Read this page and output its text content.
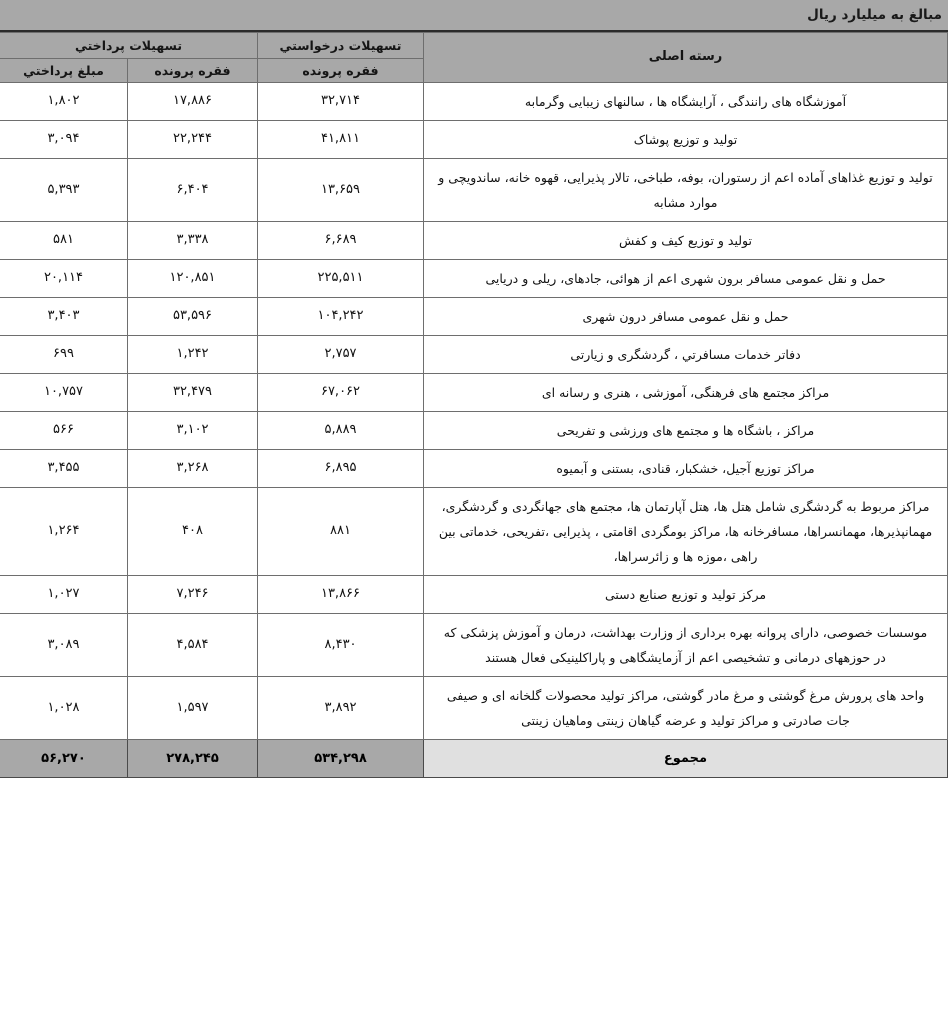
مبالغ به میلیارد ریال
رسته اصلی	تسهیلات درخواستي	تسهیلات پرداختي	
	فقره پرونده	فقره پرونده	مبلغ پرداختي
آموزشگاه های رانندگی ، آرایشگاه ها ، سالنهای زیبایی وگرمابه	۳۲,۷۱۴	۱۷,۸۸۶	۱,۸۰۲
تولید و توزیع پوشاک	۴۱,۸۱۱	۲۲,۲۴۴	۳,۰۹۴
تولید و توزیع غذاهای آماده اعم از رستوران، بوفه، طباخی، تالار پذیرایی، قهوه خانه، ساندویچی و موارد مشابه	۱۳,۶۵۹	۶,۴۰۴	۵,۳۹۳
تولید و توزیع کیف و کفش	۶,۶۸۹	۳,۳۳۸	۵۸۱
حمل و نقل عمومی مسافر برون شهری اعم از هوائی، جادهای، ریلی و دریایی	۲۲۵,۵۱۱	۱۲۰,۸۵۱	۲۰,۱۱۴
حمل و نقل عمومی مسافر درون شهری	۱۰۴,۲۴۲	۵۳,۵۹۶	۳,۴۰۳
دفاتر خدمات مسافرتي ، گردشگری و زیارتی	۲,۷۵۷	۱,۲۴۲	۶۹۹
مراکز مجتمع های فرهنگی، آموزشی ، هنری و رسانه ای	۶۷,۰۶۲	۳۲,۴۷۹	۱۰,۷۵۷
مراکز ، باشگاه ها و مجتمع های ورزشی و تفریحی	۵,۸۸۹	۳,۱۰۲	۵۶۶
مراکز توزیع آجیل، خشکبار، قنادی، بستنی و آبمیوه	۶,۸۹۵	۳,۲۶۸	۳,۴۵۵
مراکز مربوط به گردشگری شامل هتل ها، هتل آپارتمان ها، مجتمع های جهانگردی و گردشگری، مهمانپذیرها، مهمانسراها، مسافرخانه ها، مراکز بومگردی اقامتی ، پذیرایی ،تفریحی، خدماتی بین راهی ،موزه ها و زائرسراها،	۸۸۱	۴۰۸	۱,۲۶۴
مرکز تولید و توزیع صنایع دستی	۱۳,۸۶۶	۷,۲۴۶	۱,۰۲۷
موسسات خصوصی، دارای پروانه بهره برداری از وزارت بهداشت، درمان و آموزش پزشکی که در حوزههای درمانی و تشخیصی اعم از آزمایشگاهی و پاراکلینیکی فعال هستند	۸,۴۳۰	۴,۵۸۴	۳,۰۸۹
واحد های پرورش مرغ گوشتی و مرغ مادر گوشتی، مراکز تولید محصولات گلخانه ای و صیفی جات صادرتی و مراکز تولید و عرضه گیاهان زینتی وماهیان زینتی	۳,۸۹۲	۱,۵۹۷	۱,۰۲۸
مجموع	۵۳۴,۲۹۸	۲۷۸,۲۴۵	۵۶,۲۷۰
